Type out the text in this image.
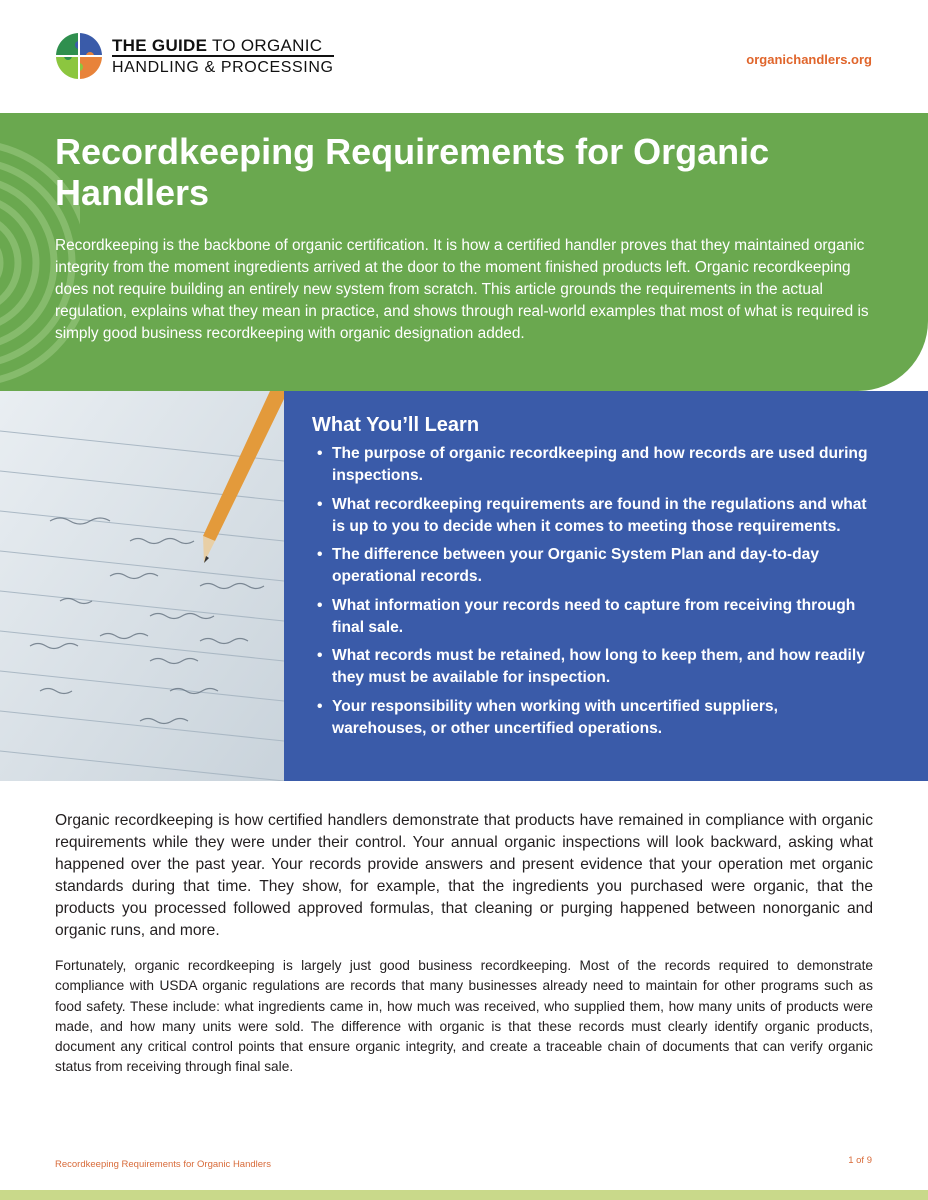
THE GUIDE TO ORGANIC
HANDLING & PROCESSING	organichandlers.org
Recordkeeping Requirements for Organic Handlers

Recordkeeping is the backbone of organic certification. It is how a certified handler proves that they maintained organic integrity from the moment ingredients arrived at the door to the moment finished products left. Organic recordkeeping does not require building an entirely new system from scratch. This article grounds the requirements in the actual regulation, explains what they mean in practice, and shows through real-world examples that most of what is required is simply good business recordkeeping with organic designation added.

What You’ll Learn
• The purpose of organic recordkeeping and how records are used during inspections.
• What recordkeeping requirements are found in the regulations and what is up to you to decide when it comes to meeting those requirements.
• The difference between your Organic System Plan and day-to-day operational records.
• What information your records need to capture from receiving through final sale.
• What records must be retained, how long to keep them, and how readily they must be available for inspection.
• Your responsibility when working with uncertified suppliers, warehouses, or other uncertified operations.

Organic recordkeeping is how certified handlers demonstrate that products have remained in compliance with organic requirements while they were under their control. Your annual organic inspections will look backward, asking what happened over the past year. Your records provide answers and present evidence that your operation met organic standards during that time. They show, for example, that the ingredients you purchased were organic, that the products you processed followed approved formulas, that cleaning or purging happened between nonorganic and organic runs, and more.

Fortunately, organic recordkeeping is largely just good business recordkeeping. Most of the records required to demonstrate compliance with USDA organic regulations are records that many businesses already need to maintain for other programs such as food safety. These include: what ingredients came in, how much was received, who supplied them, how many units of products were made, and how many units were sold. The difference with organic is that these records must clearly identify organic products, document any critical control points that ensure organic integrity, and create a traceable chain of documents that can verify organic status from receiving through final sale.

Recordkeeping Requirements for Organic Handlers	1 of 9
